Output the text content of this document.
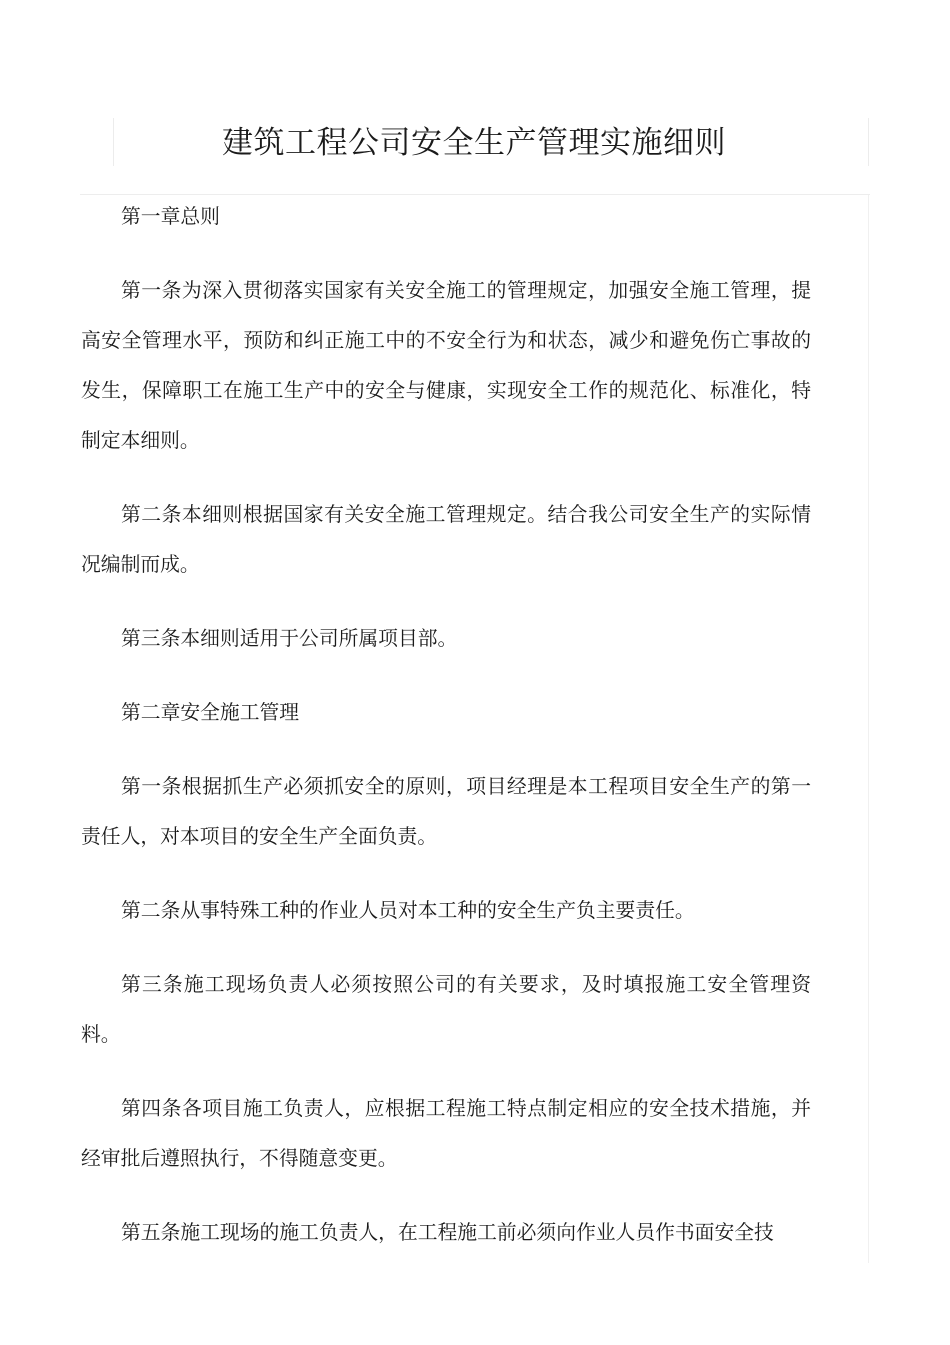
建筑工程公司安全生产管理实施细则

第一章总则

第一条为深入贯彻落实国家有关安全施工的管理规定，加强安全施工管理，提高安全管理水平，预防和纠正施工中的不安全行为和状态，减少和避免伤亡事故的发生，保障职工在施工生产中的安全与健康，实现安全工作的规范化、标准化，特制定本细则。

第二条本细则根据国家有关安全施工管理规定。结合我公司安全生产的实际情况编制而成。

第三条本细则适用于公司所属项目部。

第二章安全施工管理

第一条根据抓生产必须抓安全的原则，项目经理是本工程项目安全生产的第一责任人，对本项目的安全生产全面负责。

第二条从事特殊工种的作业人员对本工种的安全生产负主要责任。

第三条施工现场负责人必须按照公司的有关要求，及时填报施工安全管理资料。

第四条各项目施工负责人，应根据工程施工特点制定相应的安全技术措施，并经审批后遵照执行，不得随意变更。

第五条施工现场的施工负责人，在工程施工前必须向作业人员作书面安全技
